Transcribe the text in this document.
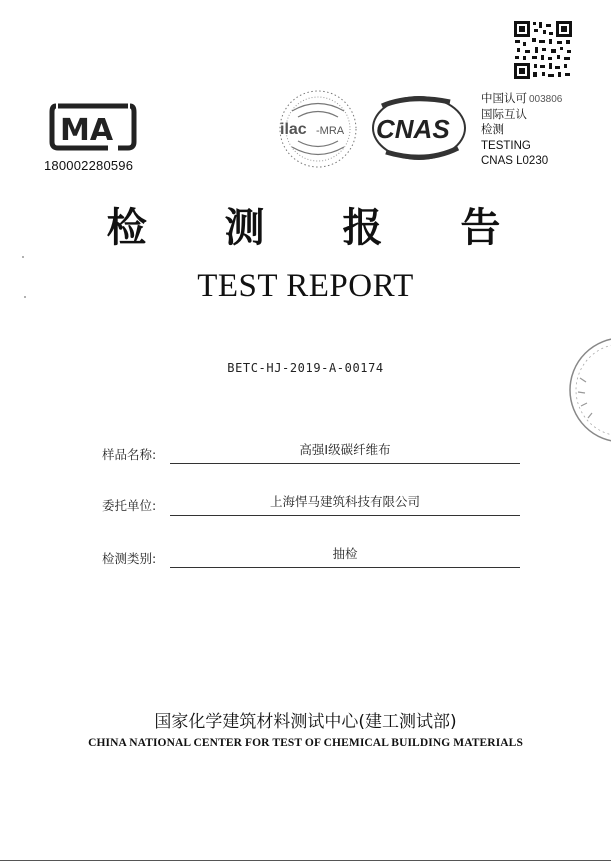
MA
180002280596
ilac -MRA CNAS
中国认可 003806
国际互认
检测
TESTING
CNAS L0230
检 测 报 告
TEST REPORT
BETC-HJ-2019-A-00174
样品名称:	高强Ⅰ级碳纤维布
委托单位:	上海悍马建筑科技有限公司
检测类别:	抽检
国家化学建筑材料测试中心(建工测试部)
CHINA NATIONAL CENTER FOR TEST OF CHEMICAL BUILDING MATERIALS
